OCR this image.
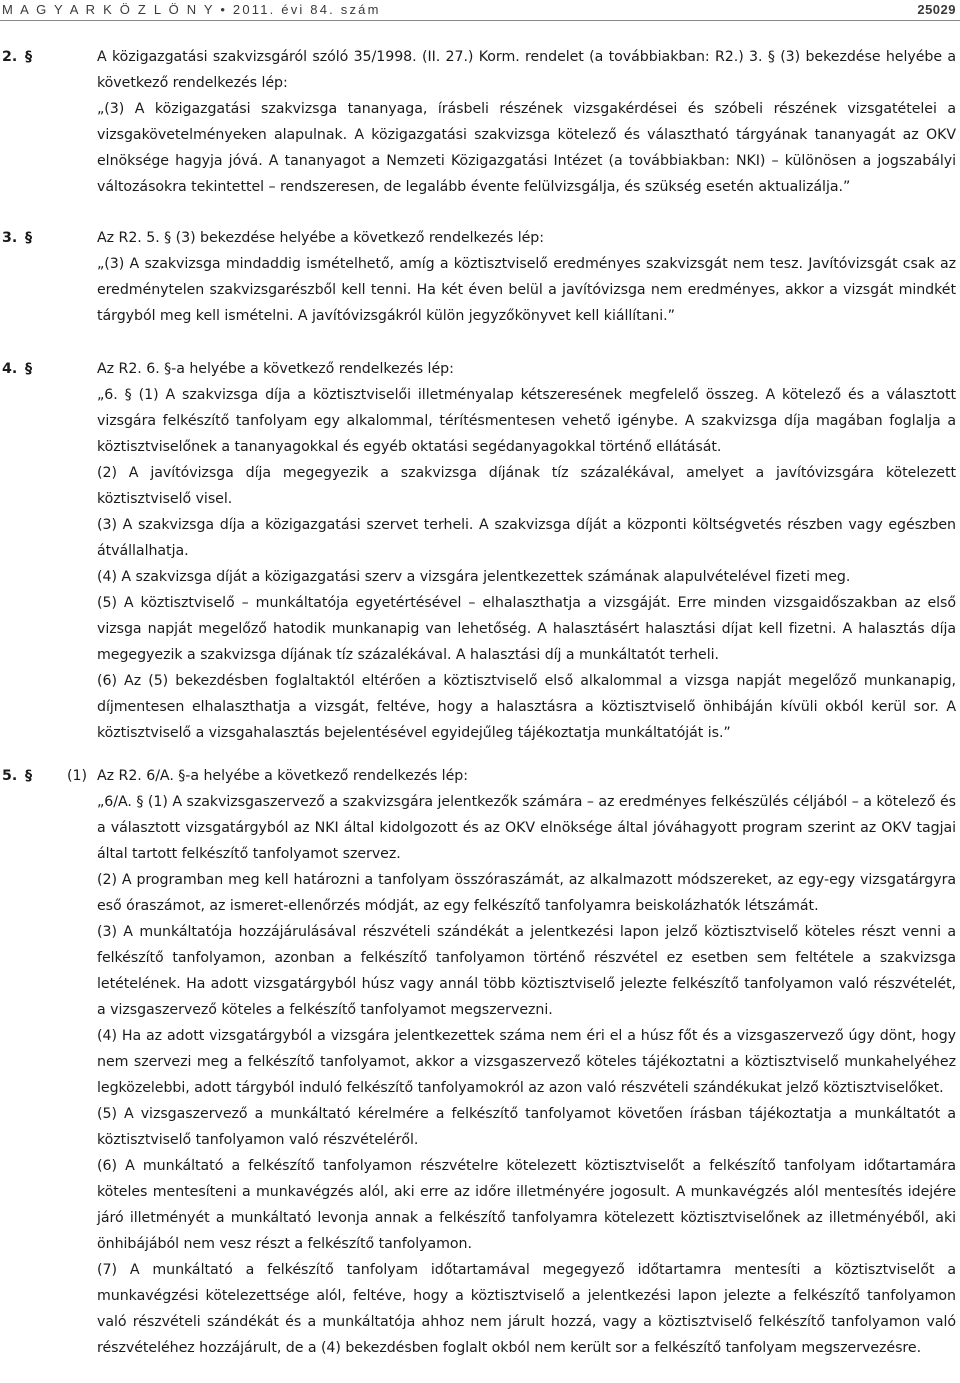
M A G Y A R K Ö Z L Ö N Y • 2011. évi 84. szám	25029
2. §	A közigazgatási szakvizsgáról szóló 35/1998. (II. 27.) Korm. rendelet (a továbbiakban: R2.) 3. § (3) bekezdése helyébe a következő rendelkezés lép:

„(3) A közigazgatási szakvizsga tananyaga, írásbeli részének vizsgakérdései és szóbeli részének vizsgatételei a vizsgakövetelményeken alapulnak. A közigazgatási szakvizsga kötelező és választható tárgyának tananyagát az OKV elnöksége hagyja jóvá. A tananyagot a Nemzeti Közigazgatási Intézet (a továbbiakban: NKI) – különösen a jogszabályi változásokra tekintettel – rendszeresen, de legalább évente felülvizsgálja, és szükség esetén aktualizálja.”

3. §	Az R2. 5. § (3) bekezdése helyébe a következő rendelkezés lép:

„(3) A szakvizsga mindaddig ismételhető, amíg a köztisztviselő eredményes szakvizsgát nem tesz. Javítóvizsgát csak az eredménytelen szakvizsgarészből kell tenni. Ha két éven belül a javítóvizsga nem eredményes, akkor a vizsgát mindkét tárgyból meg kell ismételni. A javítóvizsgákról külön jegyzőkönyvet kell kiállítani.”

4. §	Az R2. 6. §-a helyébe a következő rendelkezés lép:

„6. § (1) A szakvizsga díja a köztisztviselői illetményalap kétszeresének megfelelő összeg. A kötelező és a választott vizsgára felkészítő tanfolyam egy alkalommal, térítésmentesen vehető igénybe. A szakvizsga díja magában foglalja a köztisztviselőnek a tananyagokkal és egyéb oktatási segédanyagokkal történő ellátását.

(2) A javítóvizsga díja megegyezik a szakvizsga díjának tíz százalékával, amelyet a javítóvizsgára kötelezett köztisztviselő visel.

(3) A szakvizsga díja a közigazgatási szervet terheli. A szakvizsga díját a központi költségvetés részben vagy egészben átvállalhatja.

(4) A szakvizsga díját a közigazgatási szerv a vizsgára jelentkezettek számának alapulvételével fizeti meg.

(5) A köztisztviselő – munkáltatója egyetértésével – elhalaszthatja a vizsgáját. Erre minden vizsgaidőszakban az első vizsga napját megelőző hatodik munkanapig van lehetőség. A halasztásért halasztási díjat kell fizetni. A halasztás díja megegyezik a szakvizsga díjának tíz százalékával. A halasztási díj a munkáltatót terheli.

(6) Az (5) bekezdésben foglaltaktól eltérően a köztisztviselő első alkalommal a vizsga napját megelőző munkanapig, díjmentesen elhalaszthatja a vizsgát, feltéve, hogy a halasztásra a köztisztviselő önhibáján kívüli okból kerül sor. A köztisztviselő a vizsgahalasztás bejelentésével egyidejűleg tájékoztatja munkáltatóját is.”

5. § (1) Az R2. 6/A. §-a helyébe a következő rendelkezés lép:

„6/A. § (1) A szakvizsgaszervező a szakvizsgára jelentkezők számára – az eredményes felkészülés céljából – a kötelező és a választott vizsgatárgyból az NKI által kidolgozott és az OKV elnöksége által jóváhagyott program szerint az OKV tagjai által tartott felkészítő tanfolyamot szervez.

(2) A programban meg kell határozni a tanfolyam összóraszámát, az alkalmazott módszereket, az egy-egy vizsgatárgyra eső óraszámot, az ismeret-ellenőrzés módját, az egy felkészítő tanfolyamra beiskolázhatók létszámát.

(3) A munkáltatója hozzájárulásával részvételi szándékát a jelentkezési lapon jelző köztisztviselő köteles részt venni a felkészítő tanfolyamon, azonban a felkészítő tanfolyamon történő részvétel ez esetben sem feltétele a szakvizsga letételének. Ha adott vizsgatárgyból húsz vagy annál több köztisztviselő jelezte felkészítő tanfolyamon való részvételét, a vizsgaszervező köteles a felkészítő tanfolyamot megszervezni.

(4) Ha az adott vizsgatárgyból a vizsgára jelentkezettek száma nem éri el a húsz főt és a vizsgaszervező úgy dönt, hogy nem szervezi meg a felkészítő tanfolyamot, akkor a vizsgaszervező köteles tájékoztatni a köztisztviselő munkahelyéhez legközelebbi, adott tárgyból induló felkészítő tanfolyamokról az azon való részvételi szándékukat jelző köztisztviselőket.

(5) A vizsgaszervező a munkáltató kérelmére a felkészítő tanfolyamot követően írásban tájékoztatja a munkáltatót a köztisztviselő tanfolyamon való részvételéről.

(6) A munkáltató a felkészítő tanfolyamon részvételre kötelezett köztisztviselőt a felkészítő tanfolyam időtartamára köteles mentesíteni a munkavégzés alól, aki erre az időre illetményére jogosult. A munkavégzés alól mentesítés idejére járó illetményét a munkáltató levonja annak a felkészítő tanfolyamra kötelezett köztisztviselőnek az illetményéből, aki önhibájából nem vesz részt a felkészítő tanfolyamon.

(7) A munkáltató a felkészítő tanfolyam időtartamával megegyező időtartamra mentesíti a köztisztviselőt a munkavégzési kötelezettsége alól, feltéve, hogy a köztisztviselő a jelentkezési lapon jelezte a felkészítő tanfolyamon való részvételi szándékát és a munkáltatója ahhoz nem járult hozzá, vagy a köztisztviselő felkészítő tanfolyamon való részvételéhez hozzájárult, de a (4) bekezdésben foglalt okból nem került sor a felkészítő tanfolyam megszervezésre.
